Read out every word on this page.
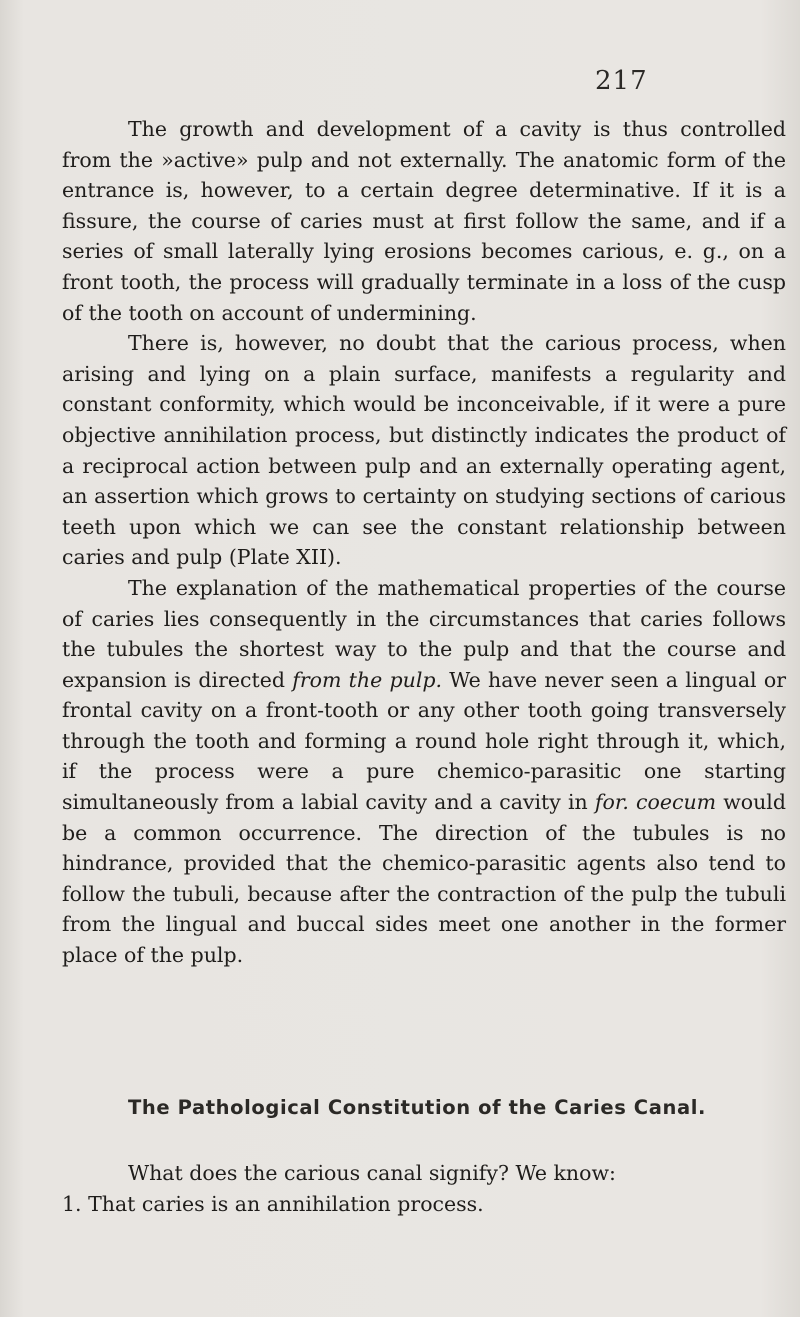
217

The growth and development of a cavity is thus controlled from the »active» pulp and not externally. The anatomic form of the entrance is, however, to a certain degree determinative. If it is a fissure, the course of caries must at first follow the same, and if a series of small laterally lying erosions becomes carious, e. g., on a front tooth, the process will gradually terminate in a loss of the cusp of the tooth on account of undermining.

There is, however, no doubt that the carious process, when arising and lying on a plain surface, manifests a regularity and constant conformity, which would be inconceivable, if it were a pure objective annihilation process, but distinctly indicates the product of a reciprocal action between pulp and an externally operating agent, an assertion which grows to certainty on studying sections of carious teeth upon which we can see the constant relationship between caries and pulp (Plate XII).

The explanation of the mathematical properties of the course of caries lies consequently in the circumstances that caries follows the tubules the shortest way to the pulp and that the course and expansion is directed from the pulp. We have never seen a lingual or frontal cavity on a front-tooth or any other tooth going transversely through the tooth and forming a round hole right through it, which, if the process were a pure chemico-parasitic one starting simultaneously from a labial cavity and a cavity in for. coecum would be a common occurrence. The direction of the tubules is no hindrance, provided that the chemico-parasitic agents also tend to follow the tubuli, because after the contraction of the pulp the tubuli from the lingual and buccal sides meet one another in the former place of the pulp.

The Pathological Constitution of the Caries Canal.

What does the carious canal signify? We know:

1. That caries is an annihilation process.
